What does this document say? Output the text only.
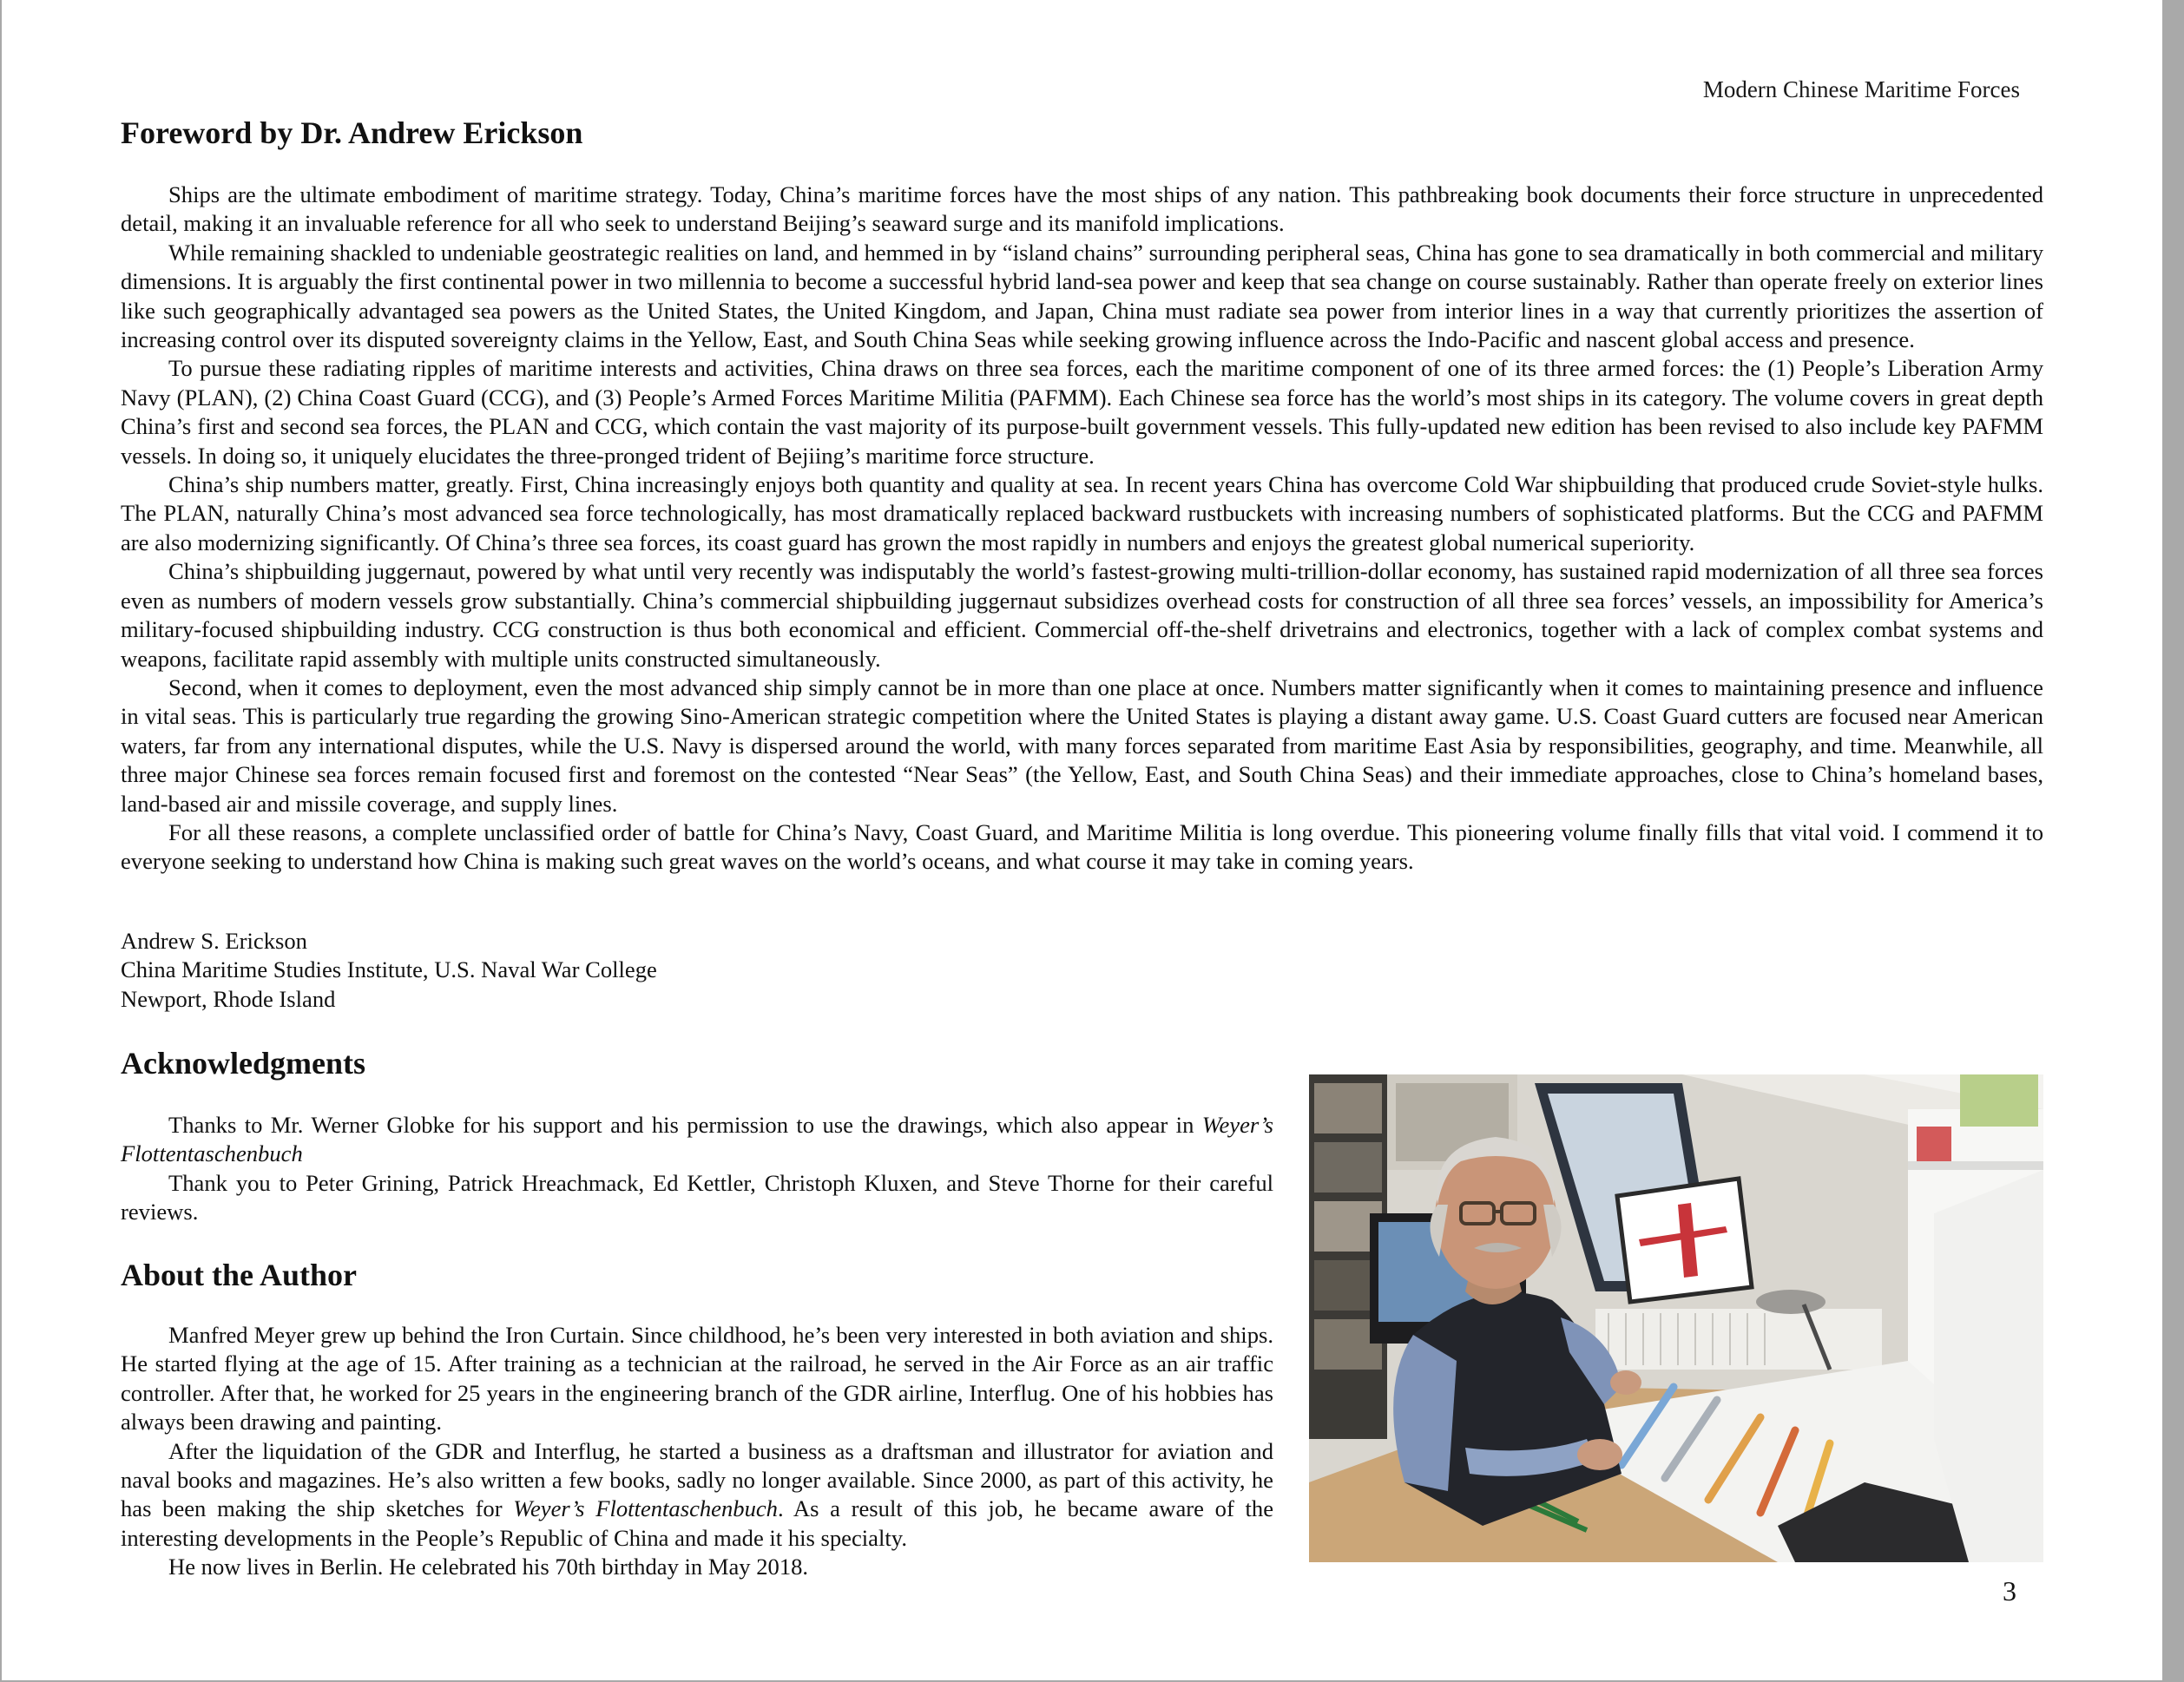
Modern Chinese Maritime Forces
Foreword by Dr. Andrew Erickson

Ships are the ultimate embodiment of maritime strategy. Today, China’s maritime forces have the most ships of any nation. This pathbreaking book documents their force structure in unprecedented detail, making it an invaluable reference for all who seek to understand Beijing’s seaward surge and its manifold implications.

While remaining shackled to undeniable geostrategic realities on land, and hemmed in by “island chains” surrounding peripheral seas, China has gone to sea dramatically in both commercial and military dimensions. It is arguably the first continental power in two millennia to become a successful hybrid land-sea power and keep that sea change on course sustainably. Rather than operate freely on exterior lines like such geographically advantaged sea powers as the United States, the United Kingdom, and Japan, China must radiate sea power from interior lines in a way that currently prioritizes the assertion of increasing control over its disputed sovereignty claims in the Yellow, East, and South China Seas while seeking growing influence across the Indo-Pacific and nascent global access and presence.

To pursue these radiating ripples of maritime interests and activities, China draws on three sea forces, each the maritime component of one of its three armed forces: the (1) People’s Liberation Army Navy (PLAN), (2) China Coast Guard (CCG), and (3) People’s Armed Forces Maritime Militia (PAFMM). Each Chinese sea force has the world’s most ships in its category. The volume covers in great depth China’s first and second sea forces, the PLAN and CCG, which contain the vast majority of its purpose-built government vessels. This fully-updated new edition has been revised to also include key PAFMM vessels. In doing so, it uniquely elucidates the three-pronged trident of Bejiing’s maritime force structure.

China’s ship numbers matter, greatly. First, China increasingly enjoys both quantity and quality at sea. In recent years China has overcome Cold War shipbuilding that produced crude Soviet-style hulks. The PLAN, naturally China’s most advanced sea force technologically, has most dramatically replaced backward rustbuckets with increasing numbers of sophisticated platforms. But the CCG and PAFMM are also modernizing significantly. Of China’s three sea forces, its coast guard has grown the most rapidly in numbers and enjoys the greatest global numerical superiority.

China’s shipbuilding juggernaut, powered by what until very recently was indisputably the world’s fastest-growing multi-trillion-dollar economy, has sustained rapid modernization of all three sea forces even as numbers of modern vessels grow substantially. China’s commercial shipbuilding juggernaut subsidizes overhead costs for construction of all three sea forces’ vessels, an impossibility for America’s military-focused shipbuilding industry. CCG construction is thus both economical and efficient. Commercial off-the-shelf drivetrains and electronics, together with a lack of complex combat systems and weapons, facilitate rapid assembly with multiple units constructed simultaneously.

Second, when it comes to deployment, even the most advanced ship simply cannot be in more than one place at once. Numbers matter significantly when it comes to maintaining presence and influence in vital seas. This is particularly true regarding the growing Sino-American strategic competition where the United States is playing a distant away game. U.S. Coast Guard cutters are focused near American waters, far from any international disputes, while the U.S. Navy is dispersed around the world, with many forces separated from maritime East Asia by responsibilities, geography, and time. Meanwhile, all three major Chinese sea forces remain focused first and foremost on the contested “Near Seas” (the Yellow, East, and South China Seas) and their immediate approaches, close to China’s homeland bases, land-based air and missile coverage, and supply lines.

For all these reasons, a complete unclassified order of battle for China’s Navy, Coast Guard, and Maritime Militia is long overdue. This pioneering volume finally fills that vital void. I commend it to everyone seeking to understand how China is making such great waves on the world’s oceans, and what course it may take in coming years.

Andrew S. Erickson
China Maritime Studies Institute, U.S. Naval War College
Newport, Rhode Island
Acknowledgments

Thanks to Mr. Werner Globke for his support and his permission to use the drawings, which also appear in Weyer’s Flottentaschenbuch

Thank you to Peter Grining, Patrick Hreachmack, Ed Kettler, Christoph Kluxen, and Steve Thorne for their careful reviews.

About the Author

Manfred Meyer grew up behind the Iron Curtain. Since childhood, he’s been very interested in both aviation and ships. He started flying at the age of 15. After training as a technician at the railroad, he served in the Air Force as an air traffic controller. After that, he worked for 25 years in the engineering branch of the GDR airline, Interflug. One of his hobbies has always been drawing and painting.

After the liquidation of the GDR and Interflug, he started a business as a draftsman and illustrator for aviation and naval books and magazines. He’s also written a few books, sadly no longer available. Since 2000, as part of this activity, he has been making the ship sketches for Weyer’s Flottentaschenbuch. As a result of this job, he became aware of the interesting developments in the People’s Republic of China and made it his specialty.

He now lives in Berlin. He celebrated his 70th birthday in May 2018.

3
